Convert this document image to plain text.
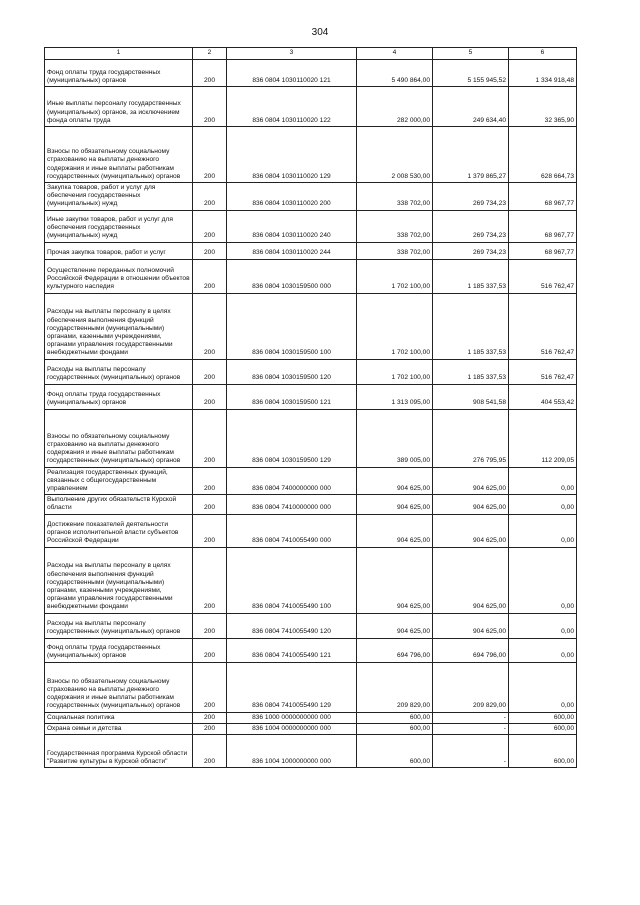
304
1	2	3	4	5	6
Фонд оплаты труда государственных (муниципальных) органов	200	836 0804 1030110020 121	5 490 864,00	5 155 945,52	1 334 918,48
Иные выплаты персоналу государственных (муниципальных) органов, за исключением фонда оплаты труда	200	836 0804 1030110020 122	282 000,00	249 634,40	32 365,90
Взносы по обязательному социальному страхованию на выплаты денежного содержания и иные выплаты работникам государственных (муниципальных) органов	200	836 0804 1030110020 129	2 008 530,00	1 379 865,27	628 664,73
Закупка товаров, работ и услуг для обеспечения государственных (муниципальных) нужд	200	836 0804 1030110020 200	338 702,00	269 734,23	68 967,77
Иные закупки товаров, работ и услуг для обеспечения государственных (муниципальных) нужд	200	836 0804 1030110020 240	338 702,00	269 734,23	68 967,77
Прочая закупка товаров, работ и услуг	200	836 0804 1030110020 244	338 702,00	269 734,23	68 967,77
Осуществление переданных полномочий Российской Федерации в отношении объектов культурного наследия	200	836 0804 1030159500 000	1 702 100,00	1 185 337,53	516 762,47
Расходы на выплаты персоналу в целях обеспечения выполнения функций государственными (муниципальными) органами, казенными учреждениями, органами управления государственными внебюджетными фондами	200	836 0804 1030159500 100	1 702 100,00	1 185 337,53	516 762,47
Расходы на выплаты персоналу государственных (муниципальных) органов	200	836 0804 1030159500 120	1 702 100,00	1 185 337,53	516 762,47
Фонд оплаты труда государственных (муниципальных) органов	200	836 0804 1030159500 121	1 313 095,00	908 541,58	404 553,42
Взносы по обязательному социальному страхованию на выплаты денежного содержания и иные выплаты работникам государственных (муниципальных) органов	200	836 0804 1030159500 129	389 005,00	276 795,95	112 209,05
Реализация государственных функций, связанных с общегосударственным управлением	200	836 0804 7400000000 000	904 625,00	904 625,00	0,00
Выполнение других обязательств Курской области	200	836 0804 7410000000 000	904 625,00	904 625,00	0,00
Достижение показателей деятельности органов исполнительной власти субъектов Российской Федерации	200	836 0804 7410055490 000	904 625,00	904 625,00	0,00
Расходы на выплаты персоналу в целях обеспечения выполнения функций государственными (муниципальными) органами, казенными учреждениями, органами управления государственными внебюджетными фондами	200	836 0804 7410055490 100	904 625,00	904 625,00	0,00
Расходы на выплаты персоналу государственных (муниципальных) органов	200	836 0804 7410055490 120	904 625,00	904 625,00	0,00
Фонд оплаты труда государственных (муниципальных) органов	200	836 0804 7410055490 121	694 796,00	694 796,00	0,00
Взносы по обязательному социальному страхованию на выплаты денежного содержания и иные выплаты работникам государственных (муниципальных) органов	200	836 0804 7410055490 129	209 829,00	209 829,00	0,00
Социальная политика	200	836 1000 0000000000 000	600,00	-	600,00
Охрана семьи и детства	200	836 1004 0000000000 000	600,00	-	600,00
Государственная программа Курской области "Развитие культуры в Курской области"	200	836 1004 1000000000 000	600,00	-	600,00
